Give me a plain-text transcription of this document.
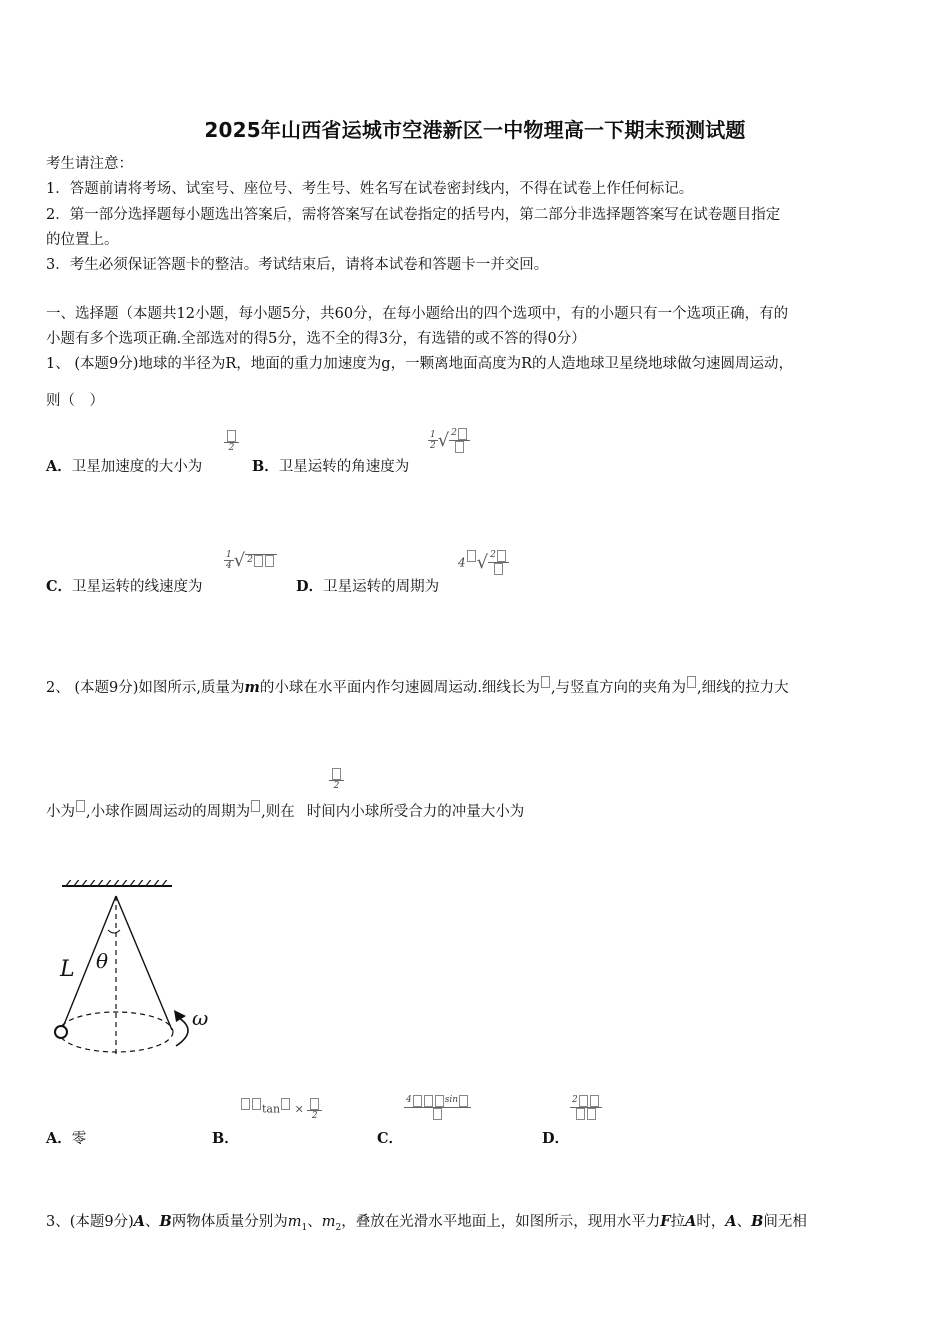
2025年山西省运城市空港新区一中物理高一下期末预测试题
考生请注意：
1．答题前请将考场、试室号、座位号、考生号、姓名写在试卷密封线内，不得在试卷上作任何标记。
2．第一部分选择题每小题选出答案后，需将答案写在试卷指定的括号内，第二部分非选择题答案写在试卷题目指定
的位置上。
3．考生必须保证答题卡的整洁。考试结束后，请将本试卷和答题卡一并交回。
一、选择题（本题共12小题，每小题5分，共60分，在每小题给出的四个选项中，有的小题只有一个选项正确，有的
小题有多个选项正确.全部选对的得5分，选不全的得3分，有选错的或不答的得0分）
1、 (本题9分)地球的半径为R，地面的重力加速度为g，一颗离地面高度为R的人造地球卫星绕地球做匀速圆周运动，
则（　）
A．卫星加速度的大小为
2
B．卫星运转的角速度为
$\frac{1}{2}$ √ 2
C．卫星运转的线速度为
$\frac{1}{4}$ √ 2
D．卫星运转的周期为
4 √ 2
2、 (本题9分)如图所示,质量为m的小球在水平面内作匀速圆周运动.细线长为 ,与竖直方向的夹角为 ,细线的拉力大
小为 ,小球作圆周运动的周期为 ,则在 时间内小球所受合力的冲量大小为
2
L θ
ω
A．零	B．
tan ×
2
C．
4	sin
D．
2
3、(本题9分)A、B两物体质量分别为$m_1$、$m_2$，叠放在光滑水平地面上，如图所示，现用水平力F拉A时，A、B间无相
